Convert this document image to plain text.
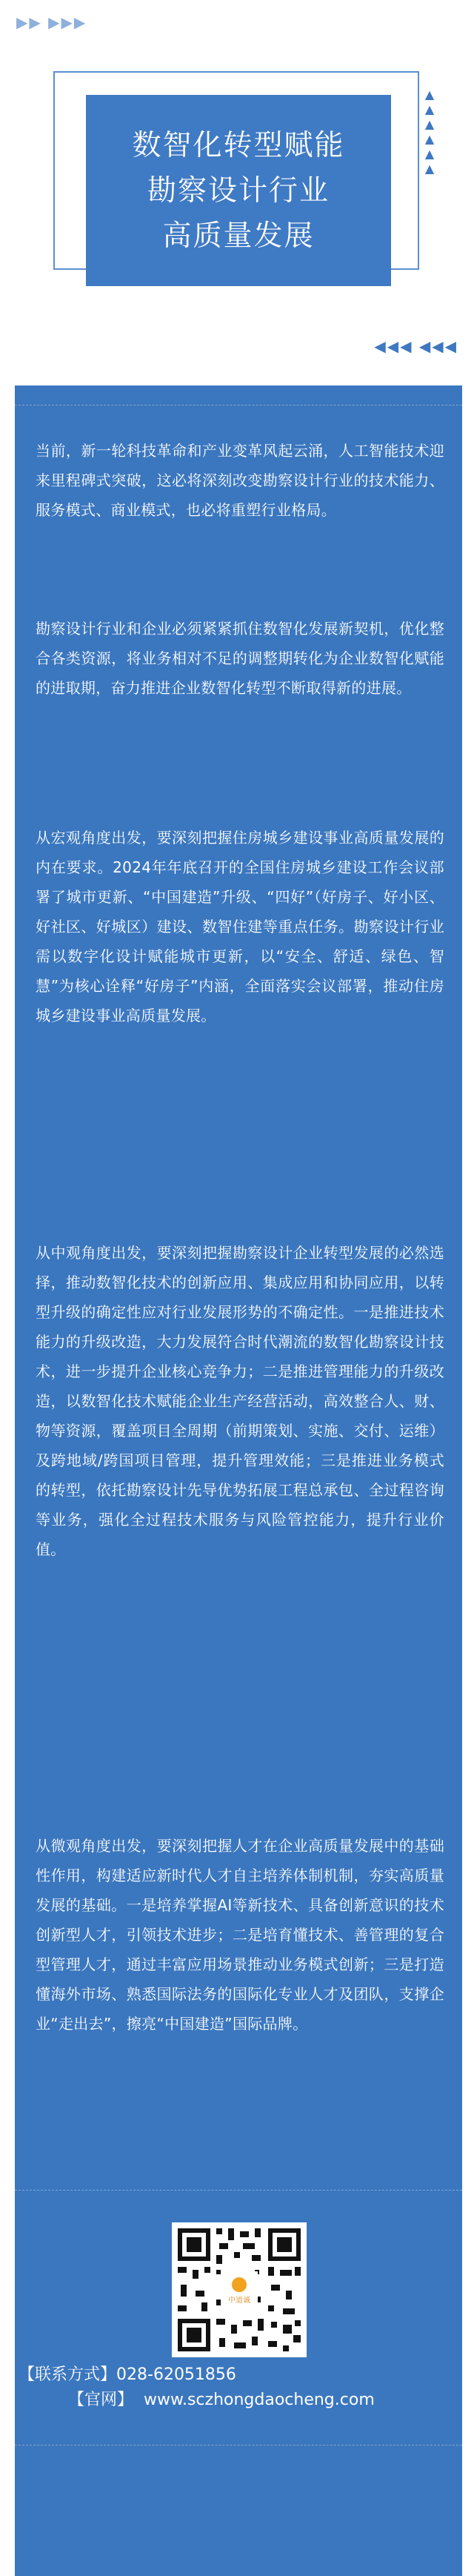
▶▶ ▶▶▶
▲
▲
▲
▲
▲
▲
◀◀◀ ◀◀◀
数智化转型赋能
勘察设计行业
高质量发展
当前，新一轮科技革命和产业变革风起云涌，人工智能技术迎来里程碑式突破，这必将深刻改变勘察设计行业的技术能力、服务模式、商业模式，也必将重塑行业格局。
勘察设计行业和企业必须紧紧抓住数智化发展新契机，优化整合各类资源，将业务相对不足的调整期转化为企业数智化赋能的进取期，奋力推进企业数智化转型不断取得新的进展。
从宏观角度出发，要深刻把握住房城乡建设事业高质量发展的内在要求。2024年年底召开的全国住房城乡建设工作会议部署了城市更新、“中国建造”升级、“四好”（好房子、好小区、好社区、好城区）建设、数智住建等重点任务。勘察设计行业需以数字化设计赋能城市更新，以“安全、舒适、绿色、智慧”为核心诠释“好房子”内涵，全面落实会议部署，推动住房城乡建设事业高质量发展。
从中观角度出发，要深刻把握勘察设计企业转型发展的必然选择，推动数智化技术的创新应用、集成应用和协同应用，以转型升级的确定性应对行业发展形势的不确定性。一是推进技术能力的升级改造，大力发展符合时代潮流的数智化勘察设计技术，进一步提升企业核心竞争力；二是推进管理能力的升级改造，以数智化技术赋能企业生产经营活动，高效整合人、财、物等资源，覆盖项目全周期（前期策划、实施、交付、运维）及跨地域/跨国项目管理，提升管理效能；三是推进业务模式的转型，依托勘察设计先导优势拓展工程总承包、全过程咨询等业务，强化全过程技术服务与风险管控能力，提升行业价值。
从微观角度出发，要深刻把握人才在企业高质量发展中的基础性作用，构建适应新时代人才自主培养体制机制，夯实高质量发展的基础。一是培养掌握AI等新技术、具备创新意识的技术创新型人才，引领技术进步；二是培育懂技术、善管理的复合型管理人才，通过丰富应用场景推动业务模式创新；三是打造懂海外市场、熟悉国际法务的国际化专业人才及团队，支撑企业“走出去”，擦亮“中国建造”国际品牌。
中道诚
【联系方式】028-62051856
【官网】 www.sczhongdaocheng.com
